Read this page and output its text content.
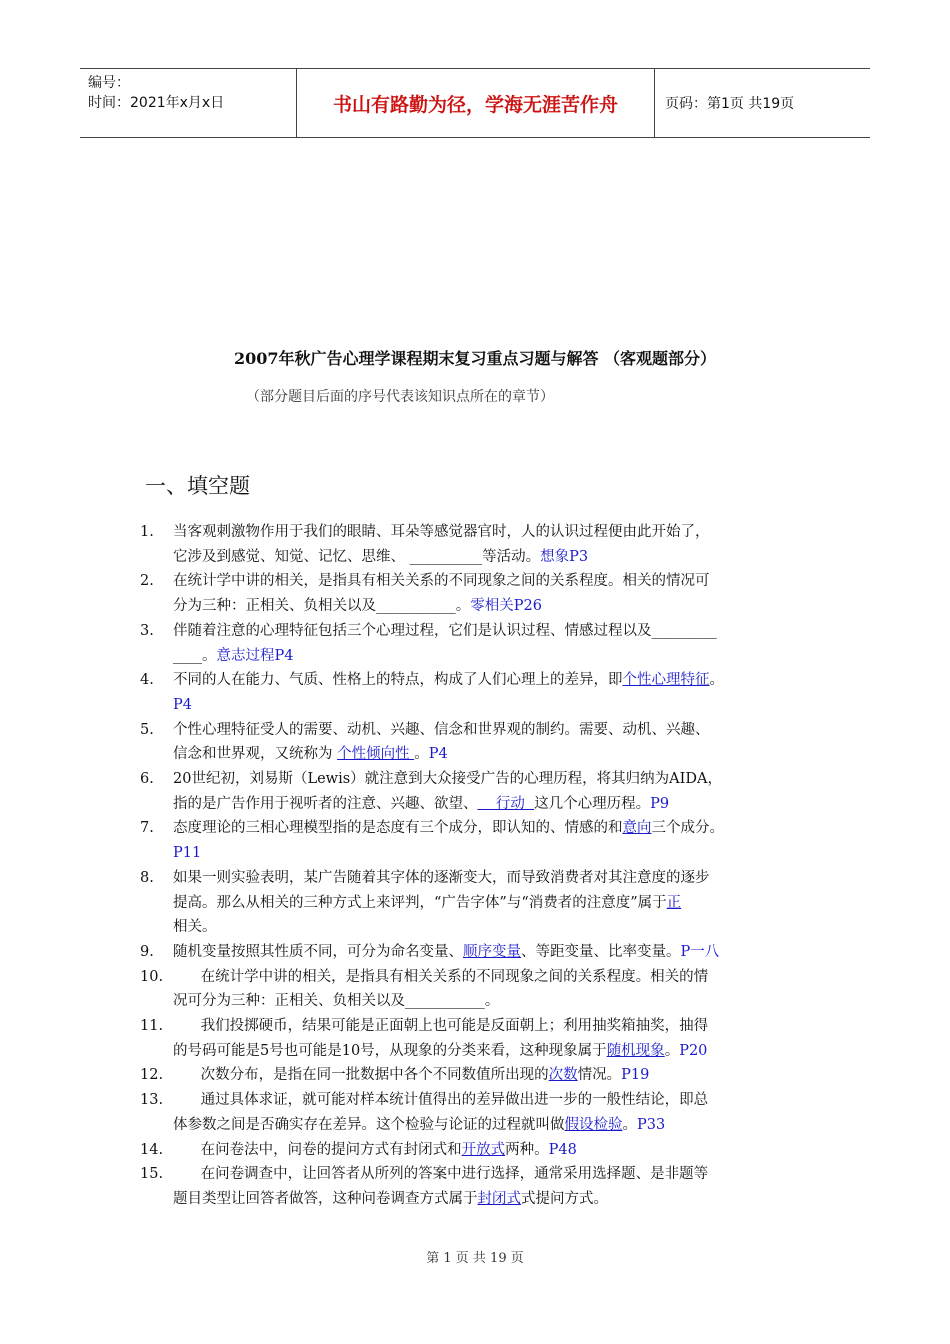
编号：
时间：2021年x月x日	书山有路勤为径，学海无涯苦作舟	页码：第1页 共19页
2007年秋广告心理学课程期末复习重点习题与解答 （客观题部分）
（部分题目后面的序号代表该知识点所在的章节）
一、填空题
1.	当客观刺激物作用于我们的眼睛、耳朵等感觉器官时，人的认识过程便由此开始了，
它涉及到感觉、知觉、记忆、思维、 __________等活动。想象P3
2.	在统计学中讲的相关，是指具有相关关系的不同现象之间的关系程度。相关的情况可
分为三种：正相关、负相关以及___________。零相关P26
3.	伴随着注意的心理特征包括三个心理过程，它们是认识过程、情感过程以及_________
____。意志过程P4
4.	不同的人在能力、气质、性格上的特点，构成了人们心理上的差异，即个性心理特征。
P4
5.	个性心理特征受人的需要、动机、兴趣、信念和世界观的制约。需要、动机、兴趣、
信念和世界观，又统称为 个性倾向性 。P4
6.	20世纪初，刘易斯（Lewis）就注意到大众接受广告的心理历程，将其归纳为AIDA，
指的是广告作用于视听者的注意、兴趣、欲望、    行动  这几个心理历程。P9
7.	态度理论的三相心理模型指的是态度有三个成分，即认知的、情感的和意向三个成分。
P11
8.	如果一则实验表明，某广告随着其字体的逐渐变大，而导致消费者对其注意度的逐步
提高。那么从相关的三种方式上来评判，“广告字体”与“消费者的注意度”属于正
相关。
9.	随机变量按照其性质不同，可分为命名变量、顺序变量、等距变量、比率变量。P一八
10. 在统计学中讲的相关，是指具有相关关系的不同现象之间的关系程度。相关的情
况可分为三种：正相关、负相关以及___________。
11. 我们投掷硬币，结果可能是正面朝上也可能是反面朝上；利用抽奖箱抽奖，抽得
的号码可能是5号也可能是10号，从现象的分类来看，这种现象属于随机现象。P20
12. 次数分布，是指在同一批数据中各个不同数值所出现的次数情况。P19
13. 通过具体求证，就可能对样本统计值得出的差异做出进一步的一般性结论，即总
体参数之间是否确实存在差异。这个检验与论证的过程就叫做假设检验。P33
14. 在问卷法中，问卷的提问方式有封闭式和开放式两种。P48
15. 在问卷调查中，让回答者从所列的答案中进行选择，通常采用选择题、是非题等
题目类型让回答者做答，这种问卷调查方式属于封闭式式提问方式。
第 1 页 共 19 页
